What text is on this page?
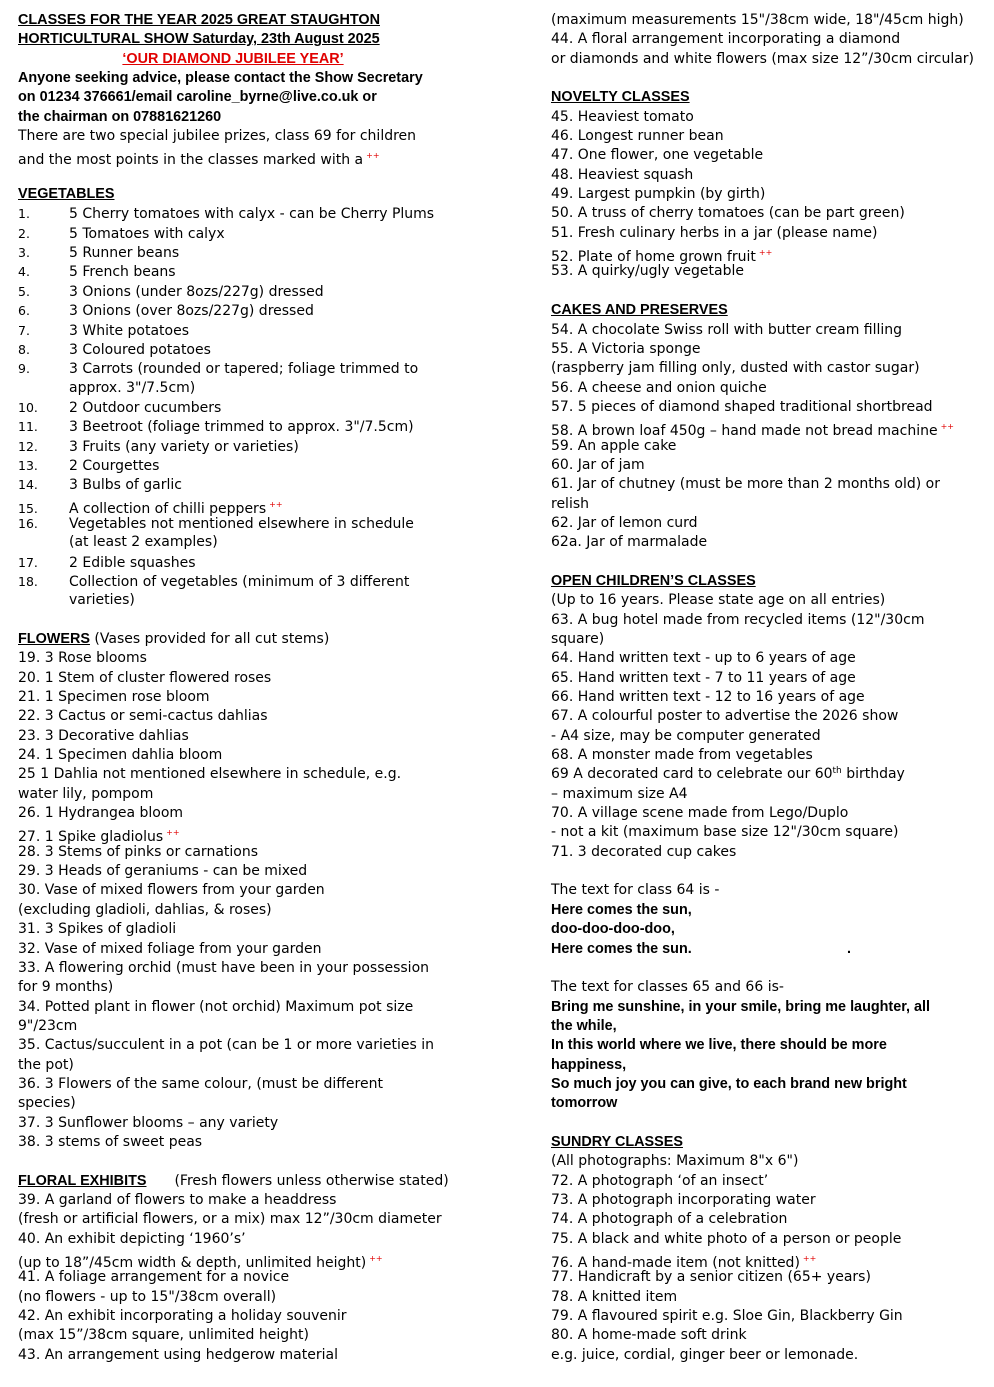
CLASSES FOR THE YEAR 2025 GREAT STAUGHTON
HORTICULTURAL SHOW Saturday, 23th August 2025
‘OUR DIAMOND JUBILEE YEAR’
Anyone seeking advice, please contact the Show Secretary
on 01234 376661/email caroline_byrne@live.co.uk or
the chairman on 07881621260
There are two special jubilee prizes, class 69 for children
and the most points in the classes marked with a ++
VEGETABLES
1.	5 Cherry tomatoes with calyx - can be Cherry Plums
2.	5 Tomatoes with calyx
3.	5 Runner beans
4.	5 French beans
5.	3 Onions (under 8ozs/227g) dressed
6.	3 Onions (over 8ozs/227g) dressed
7.	3 White potatoes
8.	3 Coloured potatoes
9.	3 Carrots (rounded or tapered; foliage trimmed to
approx. 3"/7.5cm)
10. 2 Outdoor cucumbers
11. 3 Beetroot (foliage trimmed to approx. 3"/7.5cm)
12. 3 Fruits (any variety or varieties)
13. 2 Courgettes
14. 3 Bulbs of garlic
15. A collection of chilli peppers ++
16. Vegetables not mentioned elsewhere in schedule
(at least 2 examples)
17. 2 Edible squashes
18. Collection of vegetables (minimum of 3 different
varieties)
FLOWERS (Vases provided for all cut stems)
19. 3 Rose blooms
20. 1 Stem of cluster flowered roses
21. 1 Specimen rose bloom
22. 3 Cactus or semi-cactus dahlias
23. 3 Decorative dahlias
24. 1 Specimen dahlia bloom
25 1 Dahlia not mentioned elsewhere in schedule, e.g.
water lily, pompom
26. 1 Hydrangea bloom
27. 1 Spike gladiolus ++
28. 3 Stems of pinks or carnations
29. 3 Heads of geraniums - can be mixed
30. Vase of mixed flowers from your garden
(excluding gladioli, dahlias, & roses)
31. 3 Spikes of gladioli
32. Vase of mixed foliage from your garden
33. A flowering orchid (must have been in your possession
for 9 months)
34. Potted plant in flower (not orchid) Maximum pot size
9"/23cm
35. Cactus/succulent in a pot (can be 1 or more varieties in
the pot)
36. 3 Flowers of the same colour, (must be different
species)
37. 3 Sunflower blooms – any variety
38. 3 stems of sweet peas
FLORAL EXHIBITS (Fresh flowers unless otherwise stated)
39. A garland of flowers to make a headdress
(fresh or artificial flowers, or a mix) max 12”/30cm diameter
40. An exhibit depicting ‘1960’s’
(up to 18”/45cm width & depth, unlimited height) ++
41. A foliage arrangement for a novice
(no flowers - up to 15"/38cm overall)
42. An exhibit incorporating a holiday souvenir
(max 15”/38cm square, unlimited height)
43. An arrangement using hedgerow material
(maximum measurements 15"/38cm wide, 18"/45cm high)
44. A floral arrangement incorporating a diamond
or diamonds and white flowers (max size 12”/30cm circular)
NOVELTY CLASSES
45. Heaviest tomato
46. Longest runner bean
47. One flower, one vegetable
48. Heaviest squash
49. Largest pumpkin (by girth)
50. A truss of cherry tomatoes (can be part green)
51. Fresh culinary herbs in a jar (please name)
52. Plate of home grown fruit ++
53. A quirky/ugly vegetable
CAKES AND PRESERVES
54. A chocolate Swiss roll with butter cream filling
55. A Victoria sponge
(raspberry jam filling only, dusted with castor sugar)
56. A cheese and onion quiche
57. 5 pieces of diamond shaped traditional shortbread
58. A brown loaf 450g – hand made not bread machine ++
59. An apple cake
60. Jar of jam
61. Jar of chutney (must be more than 2 months old) or
relish
62. Jar of lemon curd
62a. Jar of marmalade
OPEN CHILDREN’S CLASSES
(Up to 16 years. Please state age on all entries)
63. A bug hotel made from recycled items (12"/30cm
square)
64. Hand written text - up to 6 years of age
65. Hand written text - 7 to 11 years of age
66. Hand written text - 12 to 16 years of age
67. A colourful poster to advertise the 2026 show
- A4 size, may be computer generated
68. A monster made from vegetables
69 A decorated card to celebrate our 60th birthday
– maximum size A4
70. A village scene made from Lego/Duplo
- not a kit (maximum base size 12"/30cm square)
71. 3 decorated cup cakes
The text for class 64 is -
Here comes the sun,
doo-doo-doo-doo,
Here comes the sun.	.
The text for classes 65 and 66 is-
Bring me sunshine, in your smile, bring me laughter, all
the while,
In this world where we live, there should be more
happiness,
So much joy you can give, to each brand new bright
tomorrow
SUNDRY CLASSES
(All photographs: Maximum 8"x 6")
72. A photograph ‘of an insect’
73. A photograph incorporating water
74. A photograph of a celebration
75. A black and white photo of a person or people
76. A hand-made item (not knitted) ++
77. Handicraft by a senior citizen (65+ years)
78. A knitted item
79. A flavoured spirit e.g. Sloe Gin, Blackberry Gin
80. A home-made soft drink
e.g. juice, cordial, ginger beer or lemonade.
